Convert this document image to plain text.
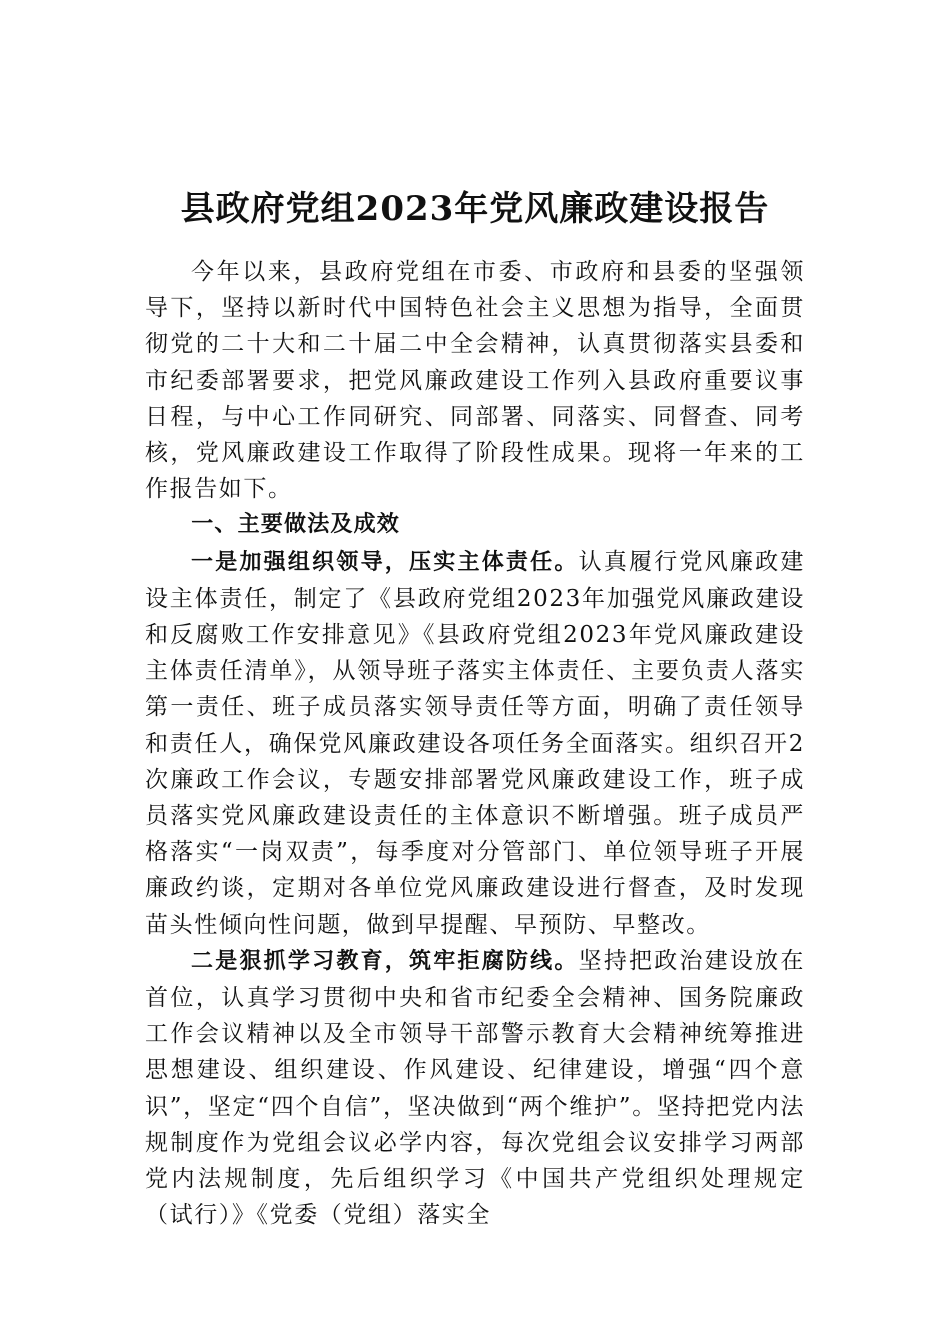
县政府党组2023年党风廉政建设报告

今年以来，县政府党组在市委、市政府和县委的坚强领导下，坚持以新时代中国特色社会主义思想为指导，全面贯彻党的二十大和二十届二中全会精神，认真贯彻落实县委和市纪委部署要求，把党风廉政建设工作列入县政府重要议事日程，与中心工作同研究、同部署、同落实、同督查、同考核，党风廉政建设工作取得了阶段性成果。现将一年来的工作报告如下。

一、主要做法及成效

一是加强组织领导，压实主体责任。认真履行党风廉政建设主体责任，制定了《县政府党组2023年加强党风廉政建设和反腐败工作安排意见》《县政府党组2023年党风廉政建设主体责任清单》，从领导班子落实主体责任、主要负责人落实第一责任、班子成员落实领导责任等方面，明确了责任领导和责任人，确保党风廉政建设各项任务全面落实。组织召开2次廉政工作会议，专题安排部署党风廉政建设工作，班子成员落实党风廉政建设责任的主体意识不断增强。班子成员严格落实“一岗双责”，每季度对分管部门、单位领导班子开展廉政约谈，定期对各单位党风廉政建设进行督查，及时发现苗头性倾向性问题，做到早提醒、早预防、早整改。

二是狠抓学习教育，筑牢拒腐防线。坚持把政治建设放在首位，认真学习贯彻中央和省市纪委全会精神、国务院廉政工作会议精神以及全市领导干部警示教育大会精神统筹推进思想建设、组织建设、作风建设、纪律建设，增强“四个意识”，坚定“四个自信”，坚决做到“两个维护”。坚持把党内法规制度作为党组会议必学内容，每次党组会议安排学习两部党内法规制度，先后组织学习《中国共产党组织处理规定（试行）》《党委（党组）落实全
